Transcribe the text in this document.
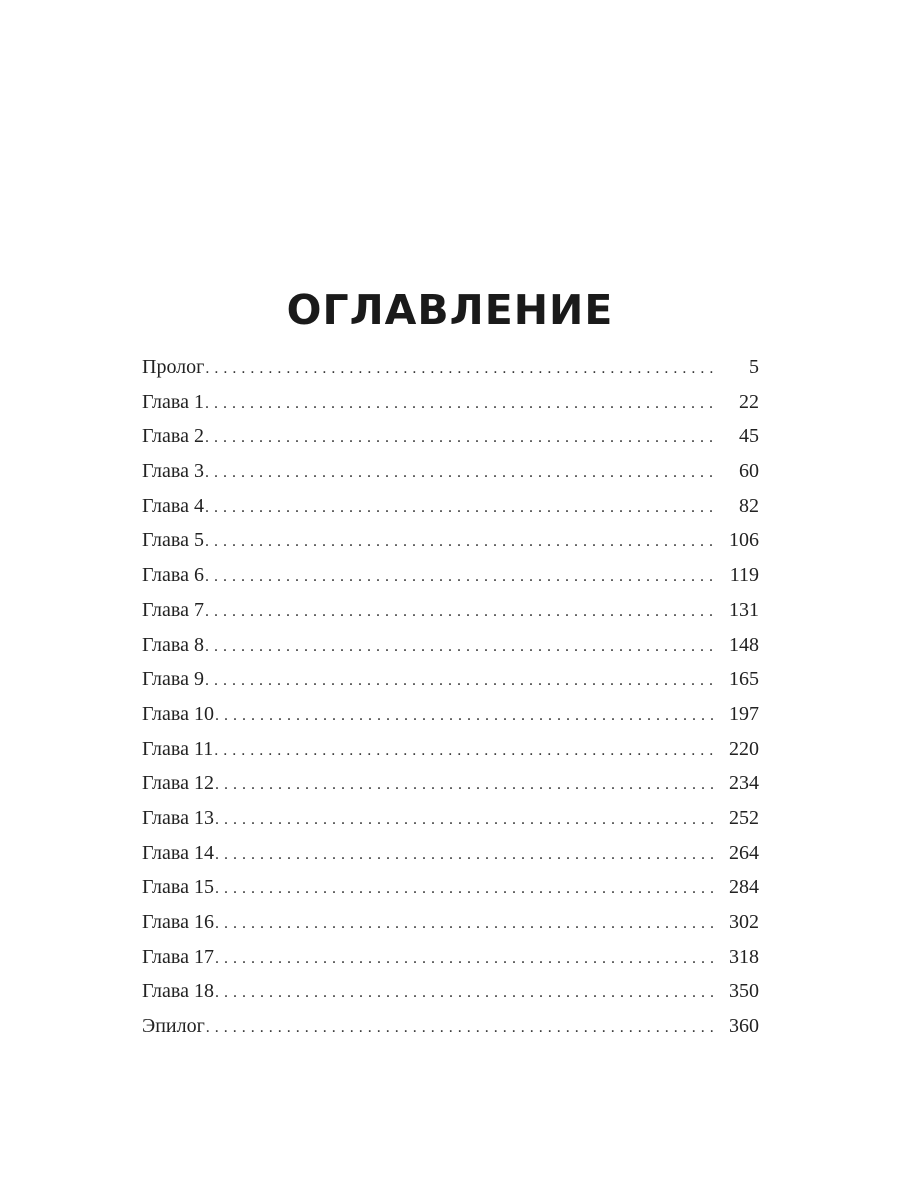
ОГЛАВЛЕНИЕ
Пролог . . .	5
Глава 1 . . .	22
Глава 2 . . .	45
Глава 3 . . .	60
Глава 4 . . .	82
Глава 5 . . .	106
Глава 6 . . .	119
Глава 7 . . .	131
Глава 8 . . .	148
Глава 9 . . .	165
Глава 10 . . .	197
Глава 11 . . .	220
Глава 12 . . .	234
Глава 13 . . .	252
Глава 14 . . .	264
Глава 15 . . .	284
Глава 16 . . .	302
Глава 17 . . .	318
Глава 18 . . .	350
Эпилог . . .	360
